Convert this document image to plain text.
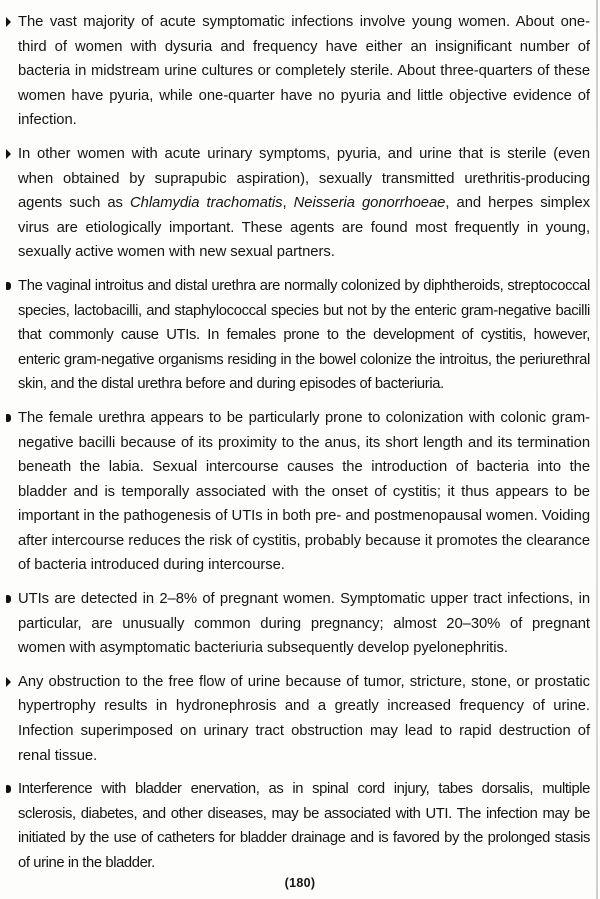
The vast majority of acute symptomatic infections involve young women. About one-third of women with dysuria and frequency have either an insignificant number of bacteria in midstream urine cultures or completely sterile. About three-quarters of these women have pyuria, while one-quarter have no pyuria and little objective evidence of infection.
In other women with acute urinary symptoms, pyuria, and urine that is sterile (even when obtained by suprapubic aspiration), sexually transmitted urethritis-producing agents such as Chlamydia trachomatis, Neisseria gonorrhoeae, and herpes simplex virus are etiologically important. These agents are found most frequently in young, sexually active women with new sexual partners.
The vaginal introitus and distal urethra are normally colonized by diphtheroids, streptococcal species, lactobacilli, and staphylococcal species but not by the enteric gram-negative bacilli that commonly cause UTIs. In females prone to the development of cystitis, however, enteric gram-negative organisms residing in the bowel colonize the introitus, the periurethral skin, and the distal urethra before and during episodes of bacteriuria.
The female urethra appears to be particularly prone to colonization with colonic gram-negative bacilli because of its proximity to the anus, its short length and its termination beneath the labia. Sexual intercourse causes the introduction of bacteria into the bladder and is temporally associated with the onset of cystitis; it thus appears to be important in the pathogenesis of UTIs in both pre- and postmenopausal women. Voiding after intercourse reduces the risk of cystitis, probably because it promotes the clearance of bacteria introduced during intercourse.
UTIs are detected in 2–8% of pregnant women. Symptomatic upper tract infections, in particular, are unusually common during pregnancy; almost 20–30% of pregnant women with asymptomatic bacteriuria subsequently develop pyelonephritis.
Any obstruction to the free flow of urine because of tumor, stricture, stone, or prostatic hypertrophy results in hydronephrosis and a greatly increased frequency of urine. Infection superimposed on urinary tract obstruction may lead to rapid destruction of renal tissue.
Interference with bladder enervation, as in spinal cord injury, tabes dorsalis, multiple sclerosis, diabetes, and other diseases, may be associated with UTI. The infection may be initiated by the use of catheters for bladder drainage and is favored by the prolonged stasis of urine in the bladder.
(180)
